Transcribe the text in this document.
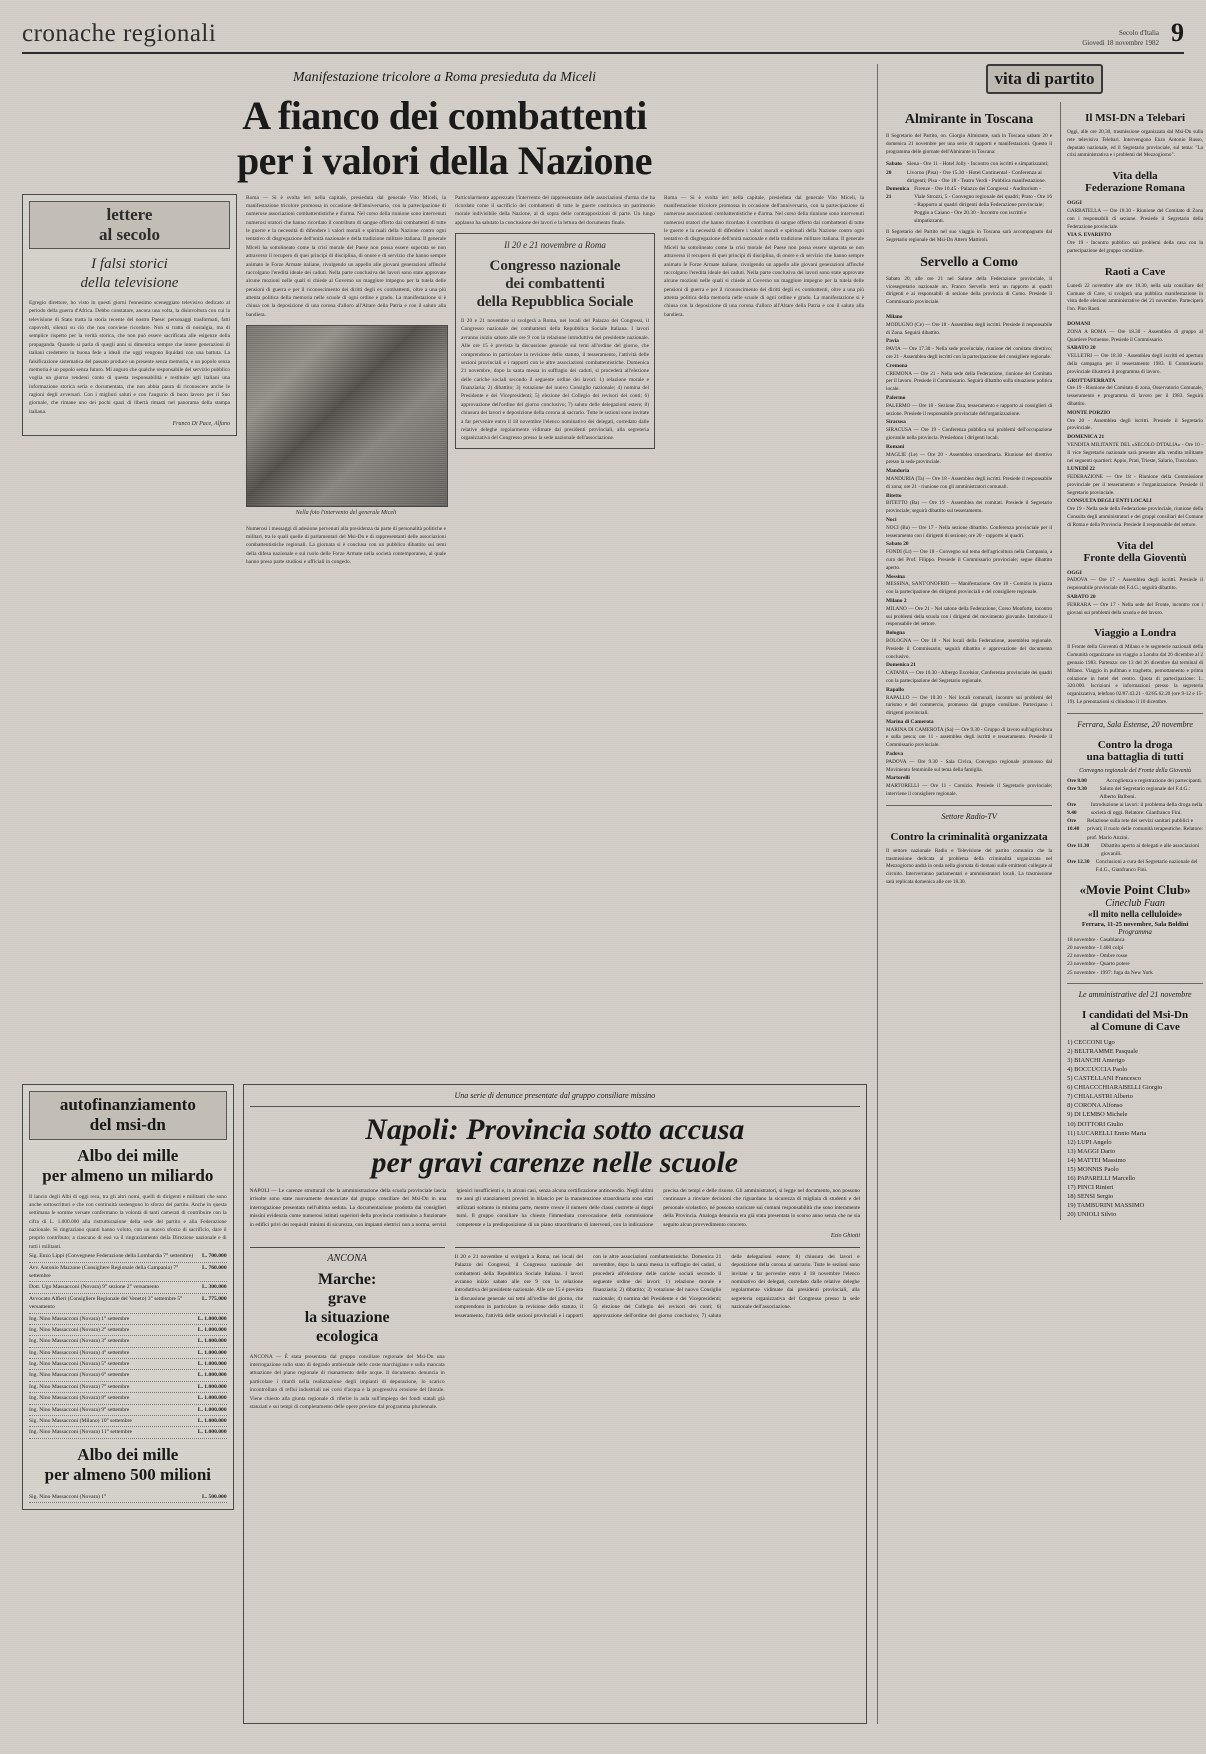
cronache regionali	Secolo d'Italia
Giovedì 18 novembre 1982 9
Manifestazione tricolore a Roma presieduta da Miceli
A fianco dei combattenti
per i valori della Nazione
lettere
al secolo
I falsi storici
della televisione
Egregio direttore, ho visto in questi giorni l'ennesimo sceneggiato televisivo dedicato al periodo della guerra d'Africa. Debbo constatare, ancora una volta, la disinvoltura con cui la televisione di Stato tratta la storia recente del nostro Paese: personaggi trasformati, fatti capovolti, silenzi su ciò che non conviene ricordare. Non si tratta di nostalgia, ma di semplice rispetto per la verità storica, che non può essere sacrificata alle esigenze della propaganda. Quando si parla di quegli anni si dimentica sempre che intere generazioni di italiani credettero in buona fede a ideali che oggi vengono liquidati con una battuta. La falsificazione sistematica del passato produce un presente senza memoria, e un popolo senza memoria è un popolo senza futuro. Mi auguro che qualche responsabile del servizio pubblico voglia un giorno rendersi conto di questa responsabilità e restituire agli italiani una informazione storica seria e documentata, che non abbia paura di riconoscere anche le ragioni degli avversari. Con i migliori saluti e con l'augurio di buon lavoro per il Suo giornale, che rimane uno dei pochi spazi di libertà rimasti nel panorama della stampa italiana.
Franco Di Pace, Alfano
Roma — Si è svolta ieri nella capitale, presieduta dal generale Vito Miceli, la manifestazione tricolore promossa in occasione dell'anniversario, con la partecipazione di numerose associazioni combattentistiche e d'arma. Nel corso della riunione sono intervenuti numerosi oratori che hanno ricordato il contributo di sangue offerto dai combattenti di tutte le guerre e la necessità di difendere i valori morali e spirituali della Nazione contro ogni tentativo di disgregazione dell'unità nazionale e della tradizione militare italiana. Il generale Miceli ha sottolineato come la crisi morale del Paese non possa essere superata se non attraverso il recupero di quei principi di disciplina, di onore e di servizio che hanno sempre animato le Forze Armate italiane, rivolgendo un appello alle giovani generazioni affinché raccolgano l'eredità ideale dei caduti. Nella parte conclusiva dei lavori sono state approvate alcune mozioni nelle quali si chiede al Governo un maggiore impegno per la tutela delle pensioni di guerra e per il riconoscimento dei diritti degli ex combattenti, oltre a una più attenta politica della memoria nelle scuole di ogni ordine e grado. La manifestazione si è chiusa con la deposizione di una corona d'alloro all'Altare della Patria e con il saluto alla bandiera.
Nella foto l'intervento del generale Miceli
Numerosi i messaggi di adesione pervenuti alla presidenza da parte di personalità politiche e militari, tra le quali quelle di parlamentari del Msi-Dn e di rappresentanti delle associazioni combattentistiche regionali. La giornata si è conclusa con un pubblico dibattito sui temi della difesa nazionale e sul ruolo delle Forze Armate nella società contemporanea, al quale hanno preso parte studiosi e ufficiali in congedo.
Particolarmente apprezzato l'intervento del rappresentante delle associazioni d'arma che ha ricordato come il sacrificio dei combattenti di tutte le guerre costituisca un patrimonio morale indivisibile della Nazione, al di sopra delle contrapposizioni di parte. Un lungo applauso ha salutato la conclusione dei lavori e la lettura del documento finale.
Il 20 e 21 novembre a Roma
Congresso nazionale
dei combattenti
della Repubblica Sociale
Il 20 e 21 novembre si svolgerà a Roma, nei locali del Palazzo dei Congressi, il Congresso nazionale dei combattenti della Repubblica Sociale Italiana. I lavori avranno inizio sabato alle ore 9 con la relazione introduttiva del presidente nazionale. Alle ore 15 è prevista la discussione generale sui temi all'ordine del giorno, che comprendono in particolare la revisione dello statuto, il tesseramento, l'attività delle sezioni provinciali e i rapporti con le altre associazioni combattentistiche. Domenica 21 novembre, dopo la santa messa in suffragio dei caduti, si procederà all'elezione delle cariche sociali secondo il seguente ordine dei lavori: 1) relazione morale e finanziaria; 2) dibattito; 3) votazione del nuovo Consiglio nazionale; 4) nomina del Presidente e dei Vicepresidenti; 5) elezione del Collegio dei revisori dei conti; 6) approvazione dell'ordine del giorno conclusivo; 7) saluto delle delegazioni estere; 8) chiusura dei lavori e deposizione della corona al sacrario. Tutte le sezioni sono invitate a far pervenire entro il 18 novembre l'elenco nominativo dei delegati, corredato dalle relative deleghe regolarmente vidimate dai presidenti provinciali, alla segreteria organizzativa del Congresso presso la sede nazionale dell'associazione.
Roma — Si è svolta ieri nella capitale, presieduta dal generale Vito Miceli, la manifestazione tricolore promossa in occasione dell'anniversario, con la partecipazione di numerose associazioni combattentistiche e d'arma. Nel corso della riunione sono intervenuti numerosi oratori che hanno ricordato il contributo di sangue offerto dai combattenti di tutte le guerre e la necessità di difendere i valori morali e spirituali della Nazione contro ogni tentativo di disgregazione dell'unità nazionale e della tradizione militare italiana. Il generale Miceli ha sottolineato come la crisi morale del Paese non possa essere superata se non attraverso il recupero di quei principi di disciplina, di onore e di servizio che hanno sempre animato le Forze Armate italiane, rivolgendo un appello alle giovani generazioni affinché raccolgano l'eredità ideale dei caduti. Nella parte conclusiva dei lavori sono state approvate alcune mozioni nelle quali si chiede al Governo un maggiore impegno per la tutela delle pensioni di guerra e per il riconoscimento dei diritti degli ex combattenti, oltre a una più attenta politica della memoria nelle scuole di ogni ordine e grado. La manifestazione si è chiusa con la deposizione di una corona d'alloro all'Altare della Patria e con il saluto alla bandiera.
autofinanziamento
del msi-dn
Albo dei mille
per almeno un miliardo
Il lancio degli Albi di oggi reca, tra gli altri nomi, quelli di dirigenti e militanti che sono anche sottoscrittori e che con continuità sostengono lo sforzo del partito. Anche in questa settimana le somme versate confermano la volontà di tanti camerati di contribuire con la cifra di L. 1.000.000 alla ristrutturazione della sede del partito e alla Federazione nazionale. Si ringraziano quanti hanno voluto, con un nuovo sforzo di sacrificio, dare il proprio contributo; a ciascuno di essi va il ringraziamento della Direzione nazionale e di tutti i militanti.
Sig. Enzo Lippi (Convegnese Federazione della Lombardia 7° settembre)	L. 700.000
Avv. Antonio Mazzone (Consigliere Regionale della Campania) 7° settembre
L. 760.000
Dott. Ugo Massacconi (Novara) 9° sezione 2° versamento	L. 300.000
Avvocato Alfieri (Consigliere Regionale del Veneto) 3° settembre 5° versamento
L. 775.000
Ing. Nino Massacconi (Novara) 1° settembre	L. 1.000.000
Ing. Nino Massacconi (Novara) 2° settembre	L. 1.000.000
Ing. Nino Massacconi (Novara) 3° settembre	L. 1.000.000
Ing. Nino Massacconi (Novara) 4° settembre	L. 1.000.000
Ing. Nino Massacconi (Novara) 5° settembre	L. 1.000.000
Ing. Nino Massacconi (Novara) 6° settembre	L. 1.000.000
Ing. Nino Massacconi (Novara) 7° settembre	L. 1.000.000
Ing. Nino Massacconi (Novara) 8° settembre	L. 1.000.000
Ing. Nino Massacconi (Novara) 9° settembre	L. 1.000.000
Sig. Nino Massacconi (Milano) 10° settembre	L. 1.000.000
Ing. Nino Massacconi (Novara) 11° settembre	L. 1.000.000
Albo dei mille
per almeno 500 milioni
Sig. Nino Massacconi (Novara) 1°	L. 500.000
Una serie di denunce presentate dal gruppo consiliare missino
Napoli: Provincia sotto accusa
per gravi carenze nelle scuole
NAPOLI — Le carenze strutturali che la amministrazione della scuola provinciale lascia irrisolte sono state nuovamente denunciate dal gruppo consiliare del Msi-Dn in una interrogazione presentata nell'ultima seduta. La documentazione prodotta dai consiglieri missini evidenzia come numerosi istituti superiori della provincia continuino a funzionare in edifici privi dei requisiti minimi di sicurezza, con impianti elettrici non a norma, servizi igienici insufficienti e, in alcuni casi, senza alcuna certificazione antincendio. Negli ultimi tre anni gli stanziamenti previsti in bilancio per la manutenzione straordinaria sono stati utilizzati soltanto in minima parte, mentre cresce il numero delle classi costrette ai doppi turni. Il gruppo consiliare ha chiesto l'immediata convocazione della commissione competente e la predisposizione di un piano straordinario di interventi, con la indicazione precisa dei tempi e delle risorse. Gli amministratori, si legge nel documento, non possono continuare a rinviare decisioni che riguardano la sicurezza di migliaia di studenti e del personale scolastico, né possono scaricare sui comuni responsabilità che sono interamente della Provincia. Analoga denuncia era già stata presentata lo scorso anno senza che ne sia seguito alcun provvedimento concreto.
Ezio Ghiotti
ANCONA
Marche:
grave
la situazione
ecologica
ANCONA — È stata presentata dal gruppo consiliare regionale del Msi-Dn una interrogazione sullo stato di degrado ambientale delle coste marchigiane e sulla mancata attuazione del piano regionale di risanamento delle acque. Il documento denuncia in particolare i ritardi nella realizzazione degli impianti di depurazione, lo scarico incontrollato di reflui industriali nei corsi d'acqua e la progressiva erosione del litorale. Viene chiesto alla giunta regionale di riferire in aula sull'impiego dei fondi statali già stanziati e sui tempi di completamento delle opere previste dal programma pluriennale.
Il 20 e 21 novembre si svolgerà a Roma, nei locali del Palazzo dei Congressi, il Congresso nazionale dei combattenti della Repubblica Sociale Italiana. I lavori avranno inizio sabato alle ore 9 con la relazione introduttiva del presidente nazionale. Alle ore 15 è prevista la discussione generale sui temi all'ordine del giorno, che comprendono in particolare la revisione dello statuto, il tesseramento, l'attività delle sezioni provinciali e i rapporti con le altre associazioni combattentistiche. Domenica 21 novembre, dopo la santa messa in suffragio dei caduti, si procederà all'elezione delle cariche sociali secondo il seguente ordine dei lavori: 1) relazione morale e finanziaria; 2) dibattito; 3) votazione del nuovo Consiglio nazionale; 4) nomina del Presidente e dei Vicepresidenti; 5) elezione del Collegio dei revisori dei conti; 6) approvazione dell'ordine del giorno conclusivo; 7) saluto delle delegazioni estere; 8) chiusura dei lavori e deposizione della corona al sacrario. Tutte le sezioni sono invitate a far pervenire entro il 18 novembre l'elenco nominativo dei delegati, corredato dalle relative deleghe regolarmente vidimate dai presidenti provinciali, alla segreteria organizzativa del Congresso presso la sede nazionale dell'associazione.
vita di partito
Almirante in Toscana
Il Segretario del Partito, on. Giorgio Almirante, sarà in Toscana sabato 20 e domenica 21 novembre per una serie di rapporti e manifestazioni. Questo il programma delle giornate dell'Almirante in Toscana:
Sabato 20
Siena - Ore 11 - Hotel Jolly - Incontro con iscritti e simpatizzanti; Livorno (Pisa) - Ore 15.30 - Hotel Continental - Conferenza ai dirigenti; Pisa - Ore 18 - Teatro Verdi - Pubblica manifestazione.
Domenica 21
Firenze - Ore 10.45 - Palazzo dei Congressi - Auditorium - Viale Strozzi, 5 - Convegno regionale dei quadri; Prato - Ore 16 - Rapporto ai quadri dirigenti della Federazione provinciale; Poggio a Caiano - Ore 20.30 - Incontro con iscritti e simpatizzanti.
Il Segretario del Partito nel suo viaggio in Toscana sarà accompagnato dal Segretario regionale del Msi-Dn Attero Mattiroli.
Servello a Como
Sabato 20, alle ore 21 nel Salone della Federazione provinciale, il vicesegretario nazionale on. Franco Servello terrà un rapporto ai quadri dirigenti e ai responsabili di sezione della provincia di Como. Presiede il Commissario provinciale.
Milano
MODUGNO (Ce) — Ore 18 - Assemblea degli iscritti. Presiede il responsabile di Zona. Seguirà dibattito.
Pavia
PAVIA — Ore 17.30 - Nella sede provinciale, riunione del comitato direttivo; ore 21 - Assemblea degli iscritti con la partecipazione del consigliere regionale.
Cremona
CREMONA — Ore 21 - Nella sede della Federazione, riunione del Comitato per il lavoro. Presiede il Commissario. Seguirà dibattito sulla situazione politica locale.
Palermo
PALERMO — Ore 18 - Sezione Zisa, tesseramento e rapporto ai consiglieri di sezione. Presiede il responsabile provinciale dell'organizzazione.
Siracusa
SIRACUSA — Ore 19 - Conferenza pubblica sui problemi dell'occupazione giovanile nella provincia. Presiedono i dirigenti locali.
Romani
MAGLIE (Le) — Ore 20 - Assemblea straordinaria. Riunione del direttivo presso la sede provinciale.
Manduria
MANDURIA (Ta) — Ore 18 - Assemblea degli iscritti. Presiede il responsabile di zona; ore 21 - riunione con gli amministratori comunali.
Bitetto
BITETTO (Ba) — Ore 19 - Assemblea dei comitati. Presiede il Segretario provinciale; seguirà dibattito sul tesseramento.
Noci
NOCI (Ba) — Ore 17 - Nella sezione dibattito. Conferenza provinciale per il tesseramento con i dirigenti di sezione; ore 20 - rapporto ai quadri.
Sabato 20
FONDI (Lt) — Ore 18 - Convegno sul tema dell'agricoltura nella Campania, a cura del Prof. Filippo. Presiede il Commissario provinciale; segue dibattito aperto.
Messina
MESSINA, SANT'ONOFRIO — Manifestazione. Ore 18 - Comizio in piazza con la partecipazione dei dirigenti provinciali e del consigliere regionale.
Milano 2
MILANO — Ore 21 - Nel salone della Federazione, Corso Monforte, incontro sui problemi della scuola con i dirigenti del movimento giovanile. Introduce il responsabile del settore.
Bologna
BOLOGNA — Ore 18 - Nei locali della Federazione, assemblea regionale. Presiede il Commissario; seguirà dibattito e approvazione del documento conclusivo.
Domenica 21
CATANIA — Ore 10.30 - Albergo Excelsior, Conferenza provinciale dei quadri con la partecipazione del Segretario regionale.
Rapallo
RAPALLO — Ore 10.30 - Nei locali comunali, incontro sui problemi del turismo e del commercio, promosso dal gruppo consiliare. Partecipano i dirigenti provinciali.
Marina di Camerota
MARINA DI CAMEROTA (Sa) — Ore 9.30 - Gruppo di lavoro sull'agricoltura e sulla pesca; ore 11 - assemblea degli iscritti e tesseramento. Presiede il Commissario provinciale.
Padova
PADOVA — Ore 9.30 - Sala Civica, Convegno regionale promosso dal Movimento femminile sul tema della famiglia.
Martorelli
MARTORELLI — Ore 11 - Comizio. Presiede il Segretario provinciale; interviene il consigliere regionale.
Settore Radio-TV
Contro la criminalità organizzata
Il settore nazionale Radio e Televisione del partito comunica che la trasmissione dedicata al problema della criminalità organizzata nel Mezzogiorno andrà in onda nella giornata di domani sulle emittenti collegate al circuito. Interverranno parlamentari e amministratori locali. La trasmissione sarà replicata domenica alle ore 18.30.
Il MSI-DN a Telebari
Oggi, alle ore 20,30, trasmissione organizzata dal Msi-Dn sulla rete televisiva Telebari. Intervengono Enzo Antonio Russo, deputato nazionale, ed il Segretario provinciale, sul tema: "La crisi amministrativa e i problemi del Mezzogiorno".
Vita della
Federazione Romana
OGGI
GARBATELLA — Ore 18.30 - Riunione del Comitato di Zona con i responsabili di sezione. Presiede il Segretario della Federazione provinciale.
VIA S. EVARISTO
Ore 19 - Incontro pubblico sui problemi della casa con la partecipazione del gruppo consiliare.
Raoti a Cave
Lunedì 22 novembre alle ore 18.30, nella sala consiliare del Comune di Cave, si svolgerà una pubblica manifestazione in vista delle elezioni amministrative del 21 novembre. Parteciperà l'on. Pino Raoti.
DOMANI
ZONA A ROMA — Ore 18.30 - Assemblea di gruppo al Quartiere Portuense. Presiede il Commissario.
SABATO 20
VELLETRI — Ore 18.30 - Assemblea degli iscritti ed apertura della campagna per il tesseramento 1983. Il Commissario provinciale illustrerà il programma di lavoro.
GROTTAFERRATA
Ore 19 - Riunione del Comitato di zona, Osservatorio Comunale, tesseramento e programma di lavoro per il 1983. Seguirà dibattito.
MONTE PORZIO
Ore 20 - Assemblea degli iscritti. Presiede il Segretario provinciale.
DOMENICA 21
VENDITA MILITANTE DEL «SECOLO D'ITALIA» - Ore 10 - Il vice Segretario nazionale sarà presente alla vendita militante nei seguenti quartieri: Appio, Prati, Trieste, Salario, Tuscolano.
LUNEDÌ 22
FEDERAZIONE — Ore 18 - Riunione della Commissione provinciale per il tesseramento e l'organizzazione. Presiede il Segretario provinciale.
CONSULTA DEGLI ENTI LOCALI
Ore 19 - Nella sede della Federazione provinciale, riunione della Consulta degli amministratori e dei gruppi consiliari del Comune di Roma e della Provincia. Presiede il responsabile del settore.
Vita del
Fronte della Gioventù
OGGI
PADOVA — Ore 17 - Assemblea degli iscritti. Presiede il responsabile provinciale del F.d.G.; seguirà dibattito.
SABATO 20
FERRARA — Ore 17 - Nella sede del Fronte, incontro con i giovani sui problemi della scuola e del lavoro.
Viaggio a Londra
Il Fronte della Gioventù di Milano e le segreterie nazionali della Comunità organizzano un viaggio a Londra dal 26 dicembre al 2 gennaio 1983. Partenza: ore 13 del 26 dicembre dal terminal di Milano. Viaggio in pullman e traghetto, pernottamento e prima colazione in hotel del centro. Quota di partecipazione: L. 320.000. Iscrizioni e informazioni presso la segreteria organizzativa, telefono 02/87.43.21 - 02/85.62.20 (ore 9-12 e 15-19). Le prenotazioni si chiudono il 10 dicembre.
Ferrara, Sala Estense, 20 novembre
Contro la droga
una battaglia di tutti
Convegno regionale del Fronte della Gioventù
Ore 8.00	Accoglienza e registrazione dei partecipanti.
Ore 9.30	Saluto del Segretario regionale del F.d.G.: Alberto Balboni.
Ore 9.40
Introduzione ai lavori: il problema della droga nella società di oggi. Relatore: Gianfranco Fini.
Ore 10.40
Relazione sulla rete dei servizi sanitari pubblici e privati; il ruolo delle comunità terapeutiche. Relatore: prof. Mario Anzini.
Ore 11.30	Dibattito aperto ai delegati e alle associazioni giovanili.
Ore 12.30 Conclusioni a cura del Segretario nazionale del F.d.G., Gianfranco Fini.
«Movie Point Club»
Cineclub Fuan
«Il mito nella celluloide»
Ferrara, 11-25 novembre, Sala Boldini
Programma
18 novembre - Casablanca
20 novembre - I 400 colpi
22 novembre - Ombre rosse
23 novembre - Quarto potere
25 novembre - 1997: fuga da New York
Le amministrative del 21 novembre
I candidati del Msi-Dn
al Comune di Cave
1) CECCONI Ugo
2) BELTRAMME Pasquale
3) BIANCHI Amerigo
4) BOCCUCCIA Paolo
5) CASTELLANI Francesco
6) CHIACCCHIARABELLI Giorgio
7) CHIALASTRI Alberto
8) CORONA Alfonso
9) DI LEMBO Michele
10) DOTTORI Giulio
11) LUCARELLI Ennio Maria
12) LUPI Angelo
13) MAGGI Dario
14) MATTEI Massimo
15) MONNIS Paolo
16) PAPARELLI Marcello
17) PINCI Rinieri
18) SENSI Sergio
19) TAMBURINI MASSIMO
20) UNIOLI Silvio
